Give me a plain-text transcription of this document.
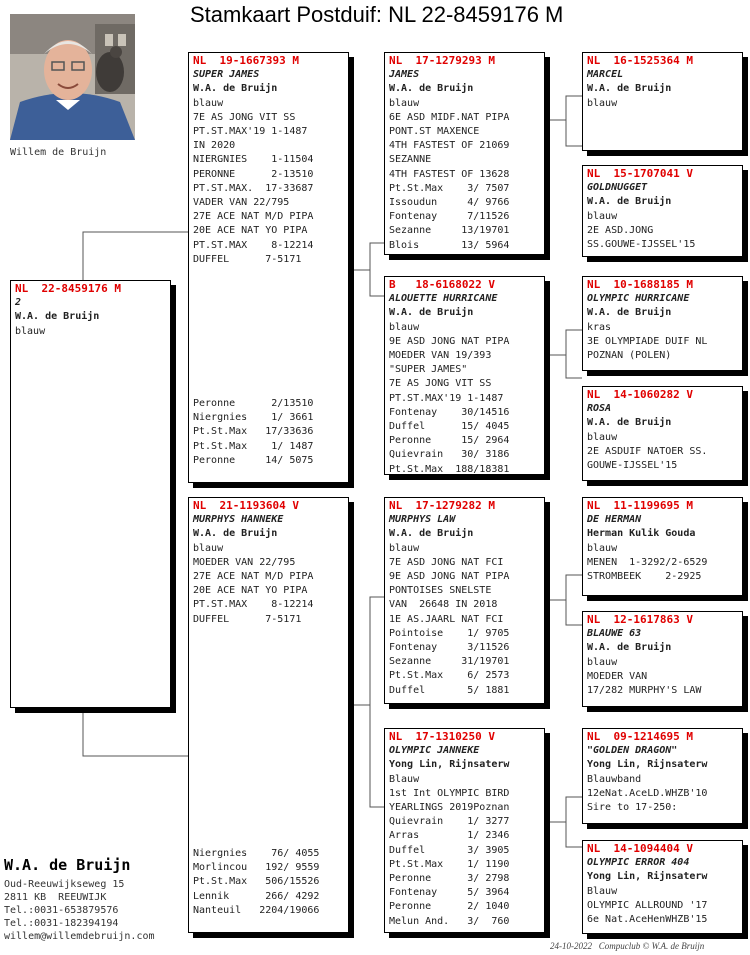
Stamkaart Postduif: NL 22-8459176 M
Willem de Bruijn
NL  22-8459176 M
2
W.A. de Bruijn
blauw
NL  19-1667393 M
SUPER JAMES
W.A. de Bruijn
blauw
7E AS JONG VIT SS
PT.ST.MAX'19 1-1487
IN 2020
NIERGNIES    1-11504
PERONNE      2-13510
PT.ST.MAX.  17-33687
VADER VAN 22/795
27E ACE NAT M/D PIPA
20E ACE NAT YO PIPA
PT.ST.MAX    8-12214
DUFFEL      7-5171
Peronne      2/13510
Niergnies    1/ 3661
Pt.St.Max   17/33636
Pt.St.Max    1/ 1487
Peronne     14/ 5075
NL  21-1193604 V
MURPHYS HANNEKE
W.A. de Bruijn
blauw
MOEDER VAN 22/795
27E ACE NAT M/D PIPA
20E ACE NAT YO PIPA
PT.ST.MAX    8-12214
DUFFEL      7-5171
Niergnies    76/ 4055
Morlincou   192/ 9559
Pt.St.Max   506/15526
Lennik      266/ 4292
Nanteuil   2204/19066
NL  17-1279293 M
JAMES
W.A. de Bruijn
blauw
6E ASD MIDF.NAT PIPA
PONT.ST MAXENCE
4TH FASTEST OF 21069
SEZANNE
4TH FASTEST OF 13628
Pt.St.Max    3/ 7507
Issoudun     4/ 9766
Fontenay     7/11526
Sezanne     13/19701
Blois       13/ 5964
B   18-6168022 V
ALOUETTE HURRICANE
W.A. de Bruijn
blauw
9E ASD JONG NAT PIPA
MOEDER VAN 19/393
"SUPER JAMES"
7E AS JONG VIT SS
PT.ST.MAX'19 1-1487
Fontenay    30/14516
Duffel      15/ 4045
Peronne     15/ 2964
Quievrain   30/ 3186
Pt.St.Max  188/18381
NL  17-1279282 M
MURPHYS LAW
W.A. de Bruijn
blauw
7E ASD JONG NAT FCI
9E ASD JONG NAT PIPA
PONTOISES SNELSTE
VAN  26648 IN 2018
1E AS.JAARL NAT FCI
Pointoise    1/ 9705
Fontenay     3/11526
Sezanne     31/19701
Pt.St.Max    6/ 2573
Duffel       5/ 1881
NL  17-1310250 V
OLYMPIC JANNEKE
Yong Lin, Rijnsaterw
Blauw
1st Int OLYMPIC BIRD
YEARLINGS 2019Poznan
Quievrain    1/ 3277
Arras        1/ 2346
Duffel       3/ 3905
Pt.St.Max    1/ 1190
Peronne      3/ 2798
Fontenay     5/ 3964
Peronne      2/ 1040
Melun And.   3/  760
NL  16-1525364 M
MARCEL
W.A. de Bruijn
blauw
NL  15-1707041 V
GOLDNUGGET
W.A. de Bruijn
blauw
2E ASD.JONG
SS.GOUWE-IJSSEL'15
NL  10-1688185 M
OLYMPIC HURRICANE
W.A. de Bruijn
kras
3E OLYMPIADE DUIF NL
POZNAN (POLEN)
NL  14-1060282 V
ROSA
W.A. de Bruijn
blauw
2E ASDUIF NATOER SS.
GOUWE-IJSSEL'15
NL  11-1199695 M
DE HERMAN
Herman Kulik Gouda
blauw
MENEN  1-3292/2-6529
STROMBEEK    2-2925
NL  12-1617863 V
BLAUWE 63
W.A. de Bruijn
blauw
MOEDER VAN
17/282 MURPHY'S LAW
NL  09-1214695 M
"GOLDEN DRAGON"
Yong Lin, Rijnsaterw
Blauwband
12eNat.AceLD.WHZB'10
Sire to 17-250:
NL  14-1094404 V
OLYMPIC ERROR 404
Yong Lin, Rijnsaterw
Blauw
OLYMPIC ALLROUND '17
6e Nat.AceHenWHZB'15
W.A. de Bruijn
Oud-Reeuwijkseweg 15
2811 KB  REEUWIJK
Tel.:0031-653879576
Tel.:0031-182394194
willem@willemdebruijn.com
24-10-2022   Compuclub © W.A. de Bruijn
